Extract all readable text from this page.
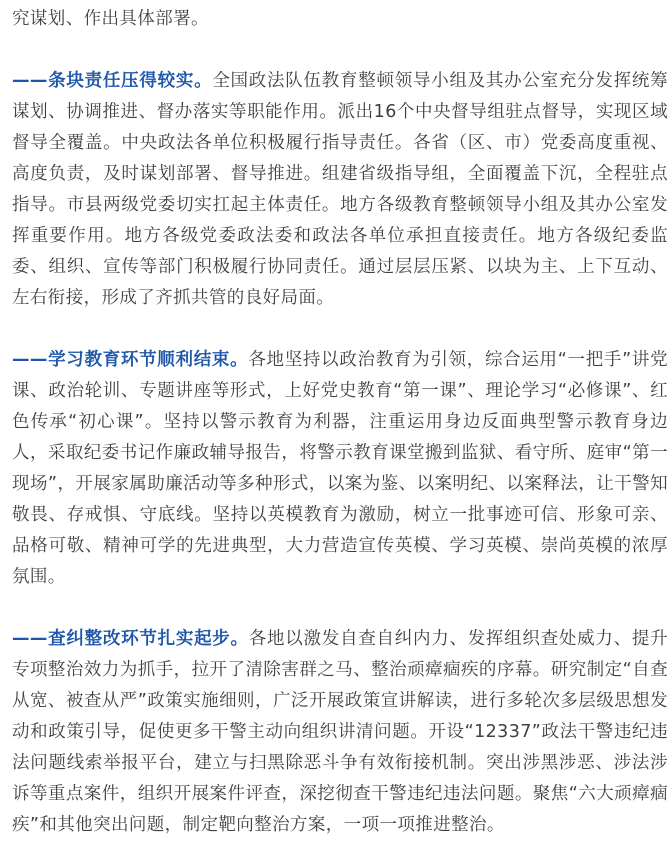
究谋划、作出具体部署。

——条块责任压得较实。全国政法队伍教育整顿领导小组及其办公室充分发挥统筹谋划、协调推进、督办落实等职能作用。派出16个中央督导组驻点督导，实现区域督导全覆盖。中央政法各单位积极履行指导责任。各省（区、市）党委高度重视、高度负责，及时谋划部署、督导推进。组建省级指导组，全面覆盖下沉，全程驻点指导。市县两级党委切实扛起主体责任。地方各级教育整顿领导小组及其办公室发挥重要作用。地方各级党委政法委和政法各单位承担直接责任。地方各级纪委监委、组织、宣传等部门积极履行协同责任。通过层层压紧、以块为主、上下互动、左右衔接，形成了齐抓共管的良好局面。

——学习教育环节顺利结束。各地坚持以政治教育为引领，综合运用“一把手”讲党课、政治轮训、专题讲座等形式，上好党史教育“第一课”、理论学习“必修课”、红色传承“初心课”。坚持以警示教育为利器，注重运用身边反面典型警示教育身边人，采取纪委书记作廉政辅导报告，将警示教育课堂搬到监狱、看守所、庭审“第一现场”，开展家属助廉活动等多种形式，以案为鉴、以案明纪、以案释法，让干警知敬畏、存戒惧、守底线。坚持以英模教育为激励，树立一批事迹可信、形象可亲、品格可敬、精神可学的先进典型，大力营造宣传英模、学习英模、崇尚英模的浓厚氛围。

——查纠整改环节扎实起步。各地以激发自查自纠内力、发挥组织查处威力、提升专项整治效力为抓手，拉开了清除害群之马、整治顽瘴痼疾的序幕。研究制定“自查从宽、被查从严”政策实施细则，广泛开展政策宣讲解读，进行多轮次多层级思想发动和政策引导，促使更多干警主动向组织讲清问题。开设“12337”政法干警违纪违法问题线索举报平台，建立与扫黑除恶斗争有效衔接机制。突出涉黑涉恶、涉法涉诉等重点案件，组织开展案件评查，深挖彻查干警违纪违法问题。聚焦“六大顽瘴痼疾”和其他突出问题，制定靶向整治方案，一项一项推进整治。
